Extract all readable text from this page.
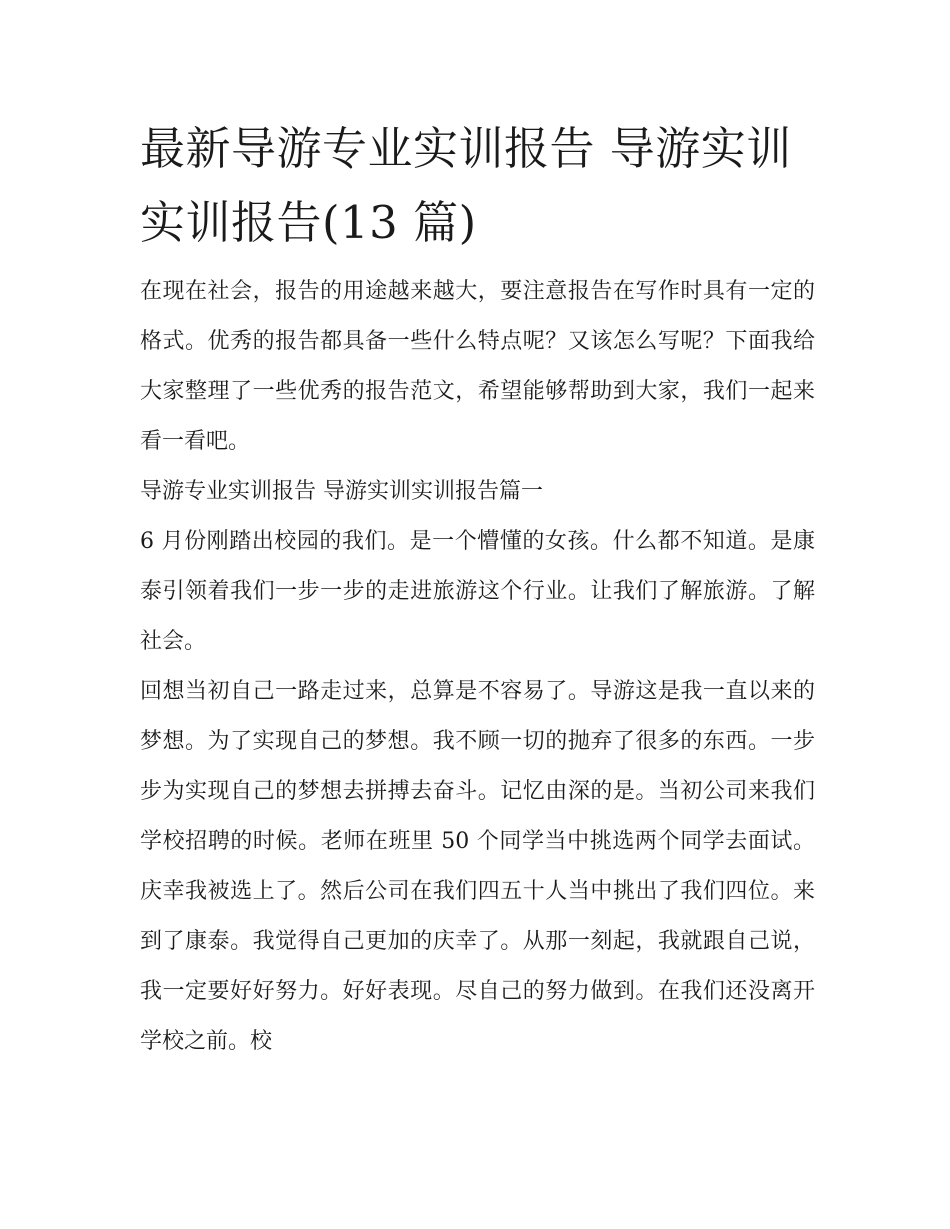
最新导游专业实训报告 导游实训实训报告(13 篇)

在现在社会，报告的用途越来越大，要注意报告在写作时具有一定的格式。优秀的报告都具备一些什么特点呢？又该怎么写呢？下面我给大家整理了一些优秀的报告范文，希望能够帮助到大家，我们一起来看一看吧。

导游专业实训报告 导游实训实训报告篇一

6 月份刚踏出校园的我们。是一个懵懂的女孩。什么都不知道。是康泰引领着我们一步一步的走进旅游这个行业。让我们了解旅游。了解社会。

回想当初自己一路走过来，总算是不容易了。导游这是我一直以来的梦想。为了实现自己的梦想。我不顾一切的抛弃了很多的东西。一步步为实现自己的梦想去拼搏去奋斗。记忆由深的是。当初公司来我们学校招聘的时候。老师在班里 50 个同学当中挑选两个同学去面试。庆幸我被选上了。然后公司在我们四五十人当中挑出了我们四位。来到了康泰。我觉得自己更加的庆幸了。从那一刻起，我就跟自己说，我一定要好好努力。好好表现。尽自己的努力做到。在我们还没离开学校之前。校
